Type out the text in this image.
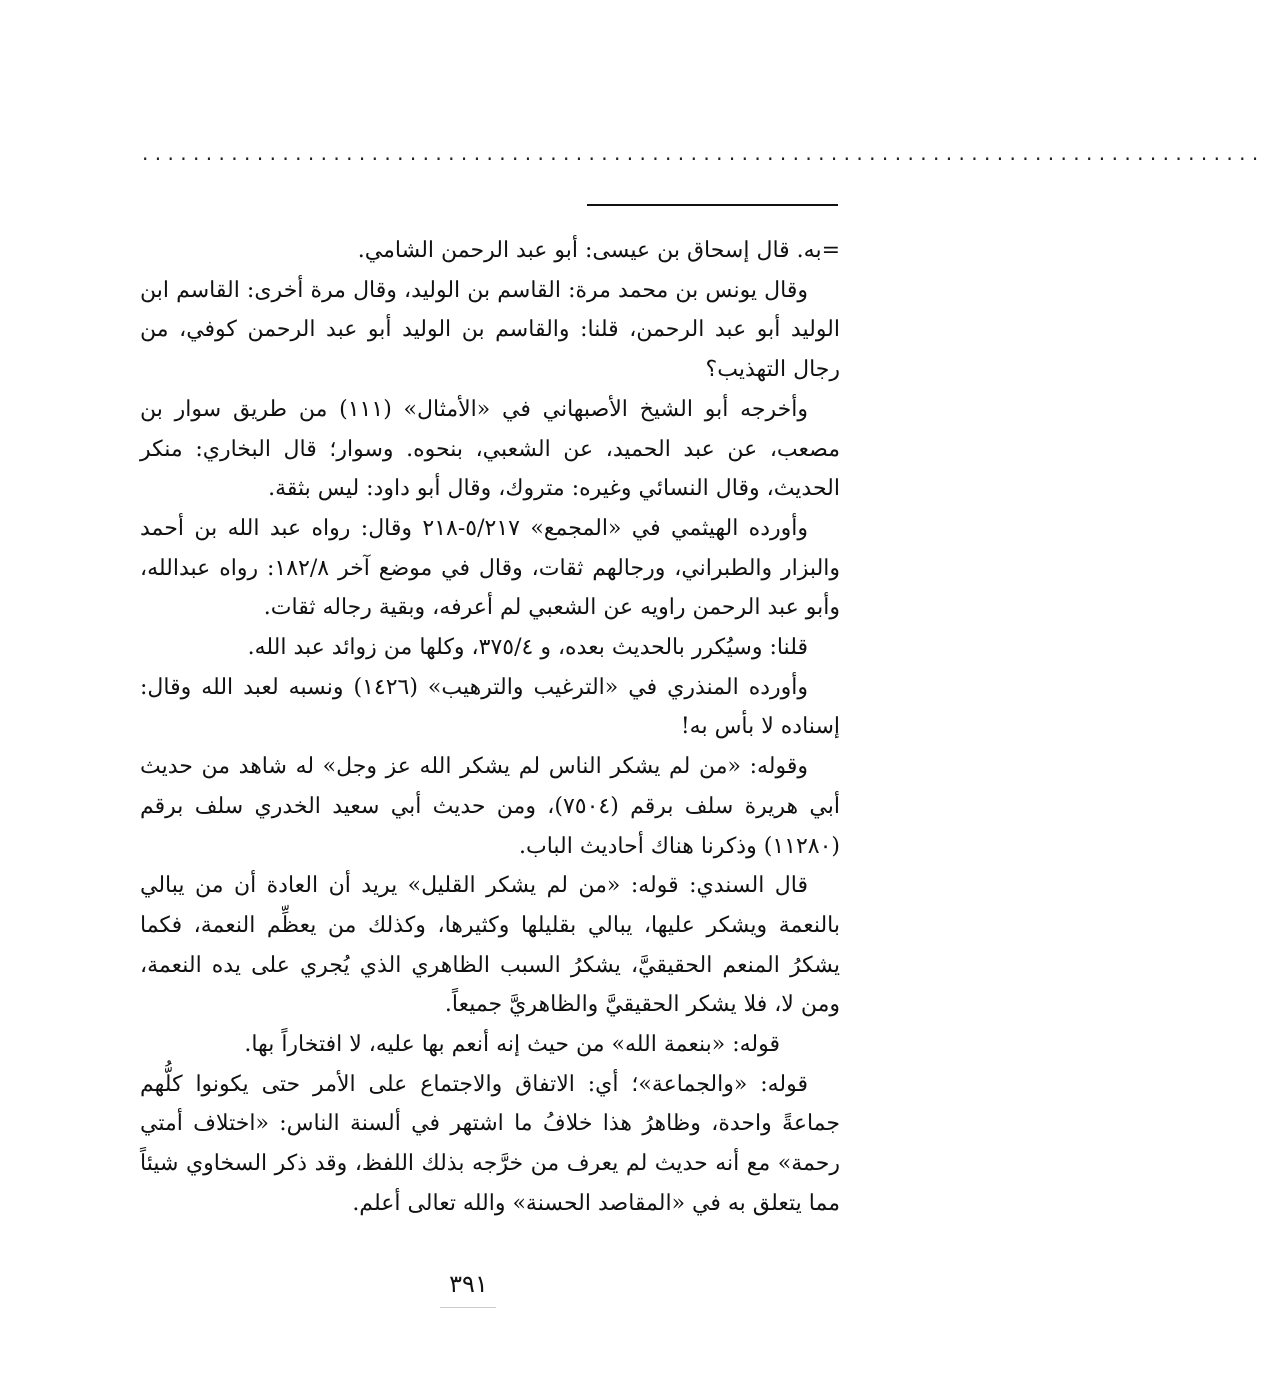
........................................................................................

=به. قال إسحاق بن عيسى: أبو عبد الرحمن الشامي.

وقال يونس بن محمد مرة: القاسم بن الوليد، وقال مرة أخرى: القاسم ابن الوليد أبو عبد الرحمن، قلنا: والقاسم بن الوليد أبو عبد الرحمن كوفي، من رجال التهذيب؟

وأخرجه أبو الشيخ الأصبهاني في «الأمثال» (١١١) من طريق سوار بن مصعب، عن عبد الحميد، عن الشعبي، بنحوه. وسوار؛ قال البخاري: منكر الحديث، وقال النسائي وغيره: متروك، وقال أبو داود: ليس بثقة.

وأورده الهيثمي في «المجمع» ٥/٢١٧-٢١٨ وقال: رواه عبد الله بن أحمد والبزار والطبراني، ورجالهم ثقات، وقال في موضع آخر ١٨٢/٨: رواه عبدالله، وأبو عبد الرحمن راويه عن الشعبي لم أعرفه، وبقية رجاله ثقات.

قلنا: وسيُكرر بالحديث بعده، و ٣٧٥/٤، وكلها من زوائد عبد الله.

وأورده المنذري في «الترغيب والترهيب» (١٤٢٦) ونسبه لعبد الله وقال: إسناده لا بأس به!

وقوله: «من لم يشكر الناس لم يشكر الله عز وجل» له شاهد من حديث أبي هريرة سلف برقم (٧٥٠٤)، ومن حديث أبي سعيد الخدري سلف برقم (١١٢٨٠) وذكرنا هناك أحاديث الباب.

قال السندي: قوله: «من لم يشكر القليل» يريد أن العادة أن من يبالي بالنعمة ويشكر عليها، يبالي بقليلها وكثيرها، وكذلك من يعظِّم النعمة، فكما يشكرُ المنعم الحقيقيَّ، يشكرُ السبب الظاهري الذي يُجري على يده النعمة، ومن لا، فلا يشكر الحقيقيَّ والظاهريَّ جميعاً.

قوله: «بنعمة الله» من حيث إنه أنعم بها عليه، لا افتخاراً بها.

قوله: «والجماعة»؛ أي: الاتفاق والاجتماع على الأمر حتى يكونوا كلُّهم جماعةً واحدة، وظاهرُ هذا خلافُ ما اشتهر في ألسنة الناس: «اختلاف أمتي رحمة» مع أنه حديث لم يعرف من خرَّجه بذلك اللفظ، وقد ذكر السخاوي شيئاً مما يتعلق به في «المقاصد الحسنة» والله تعالى أعلم.

٣٩١
